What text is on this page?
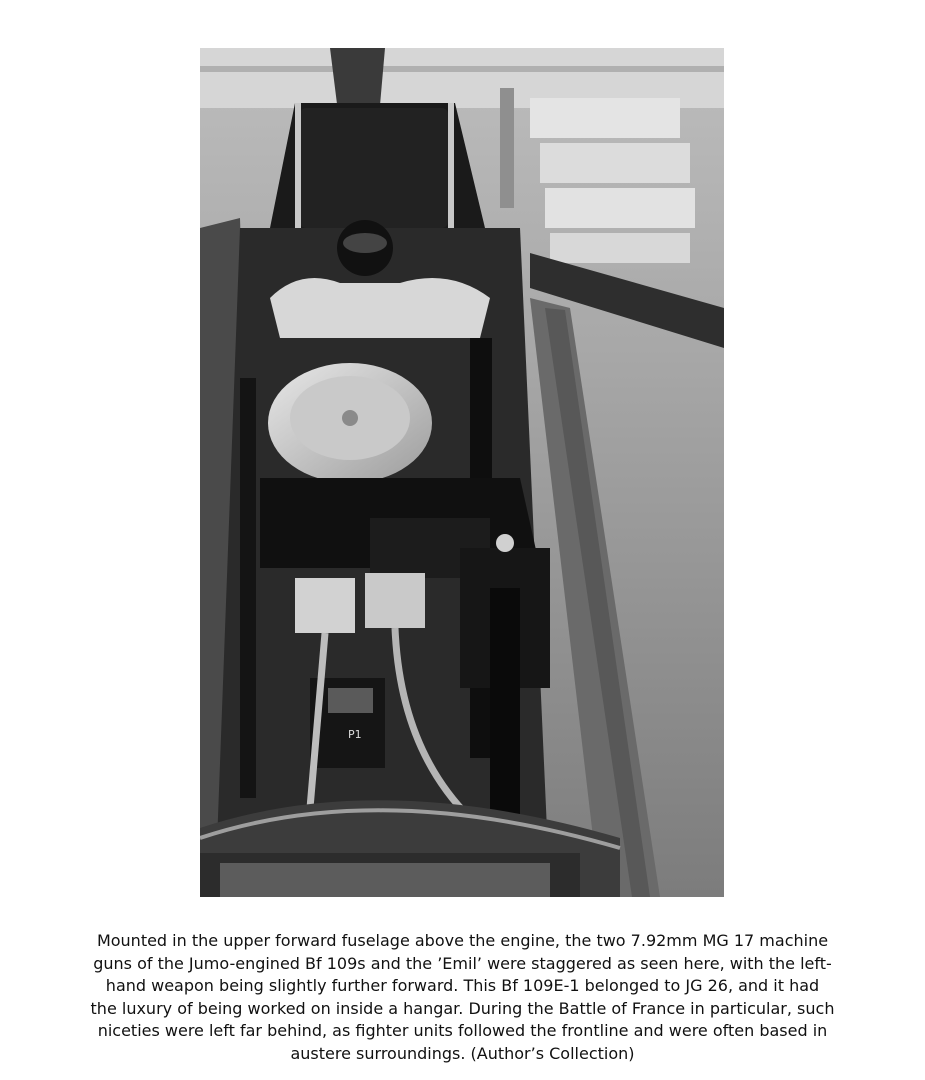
P1
Mounted in the upper forward fuselage above the engine, the two 7.92mm MG 17 machine
guns of the Jumo-engined Bf 109s and the ’Emil’ were staggered as seen here, with the left-
hand weapon being slightly further forward. This Bf 109E-1 belonged to JG 26, and it had
the luxury of being worked on inside a hangar. During the Battle of France in particular, such
niceties were left far behind, as fighter units followed the frontline and were often based in
austere surroundings. (Author’s Collection)
